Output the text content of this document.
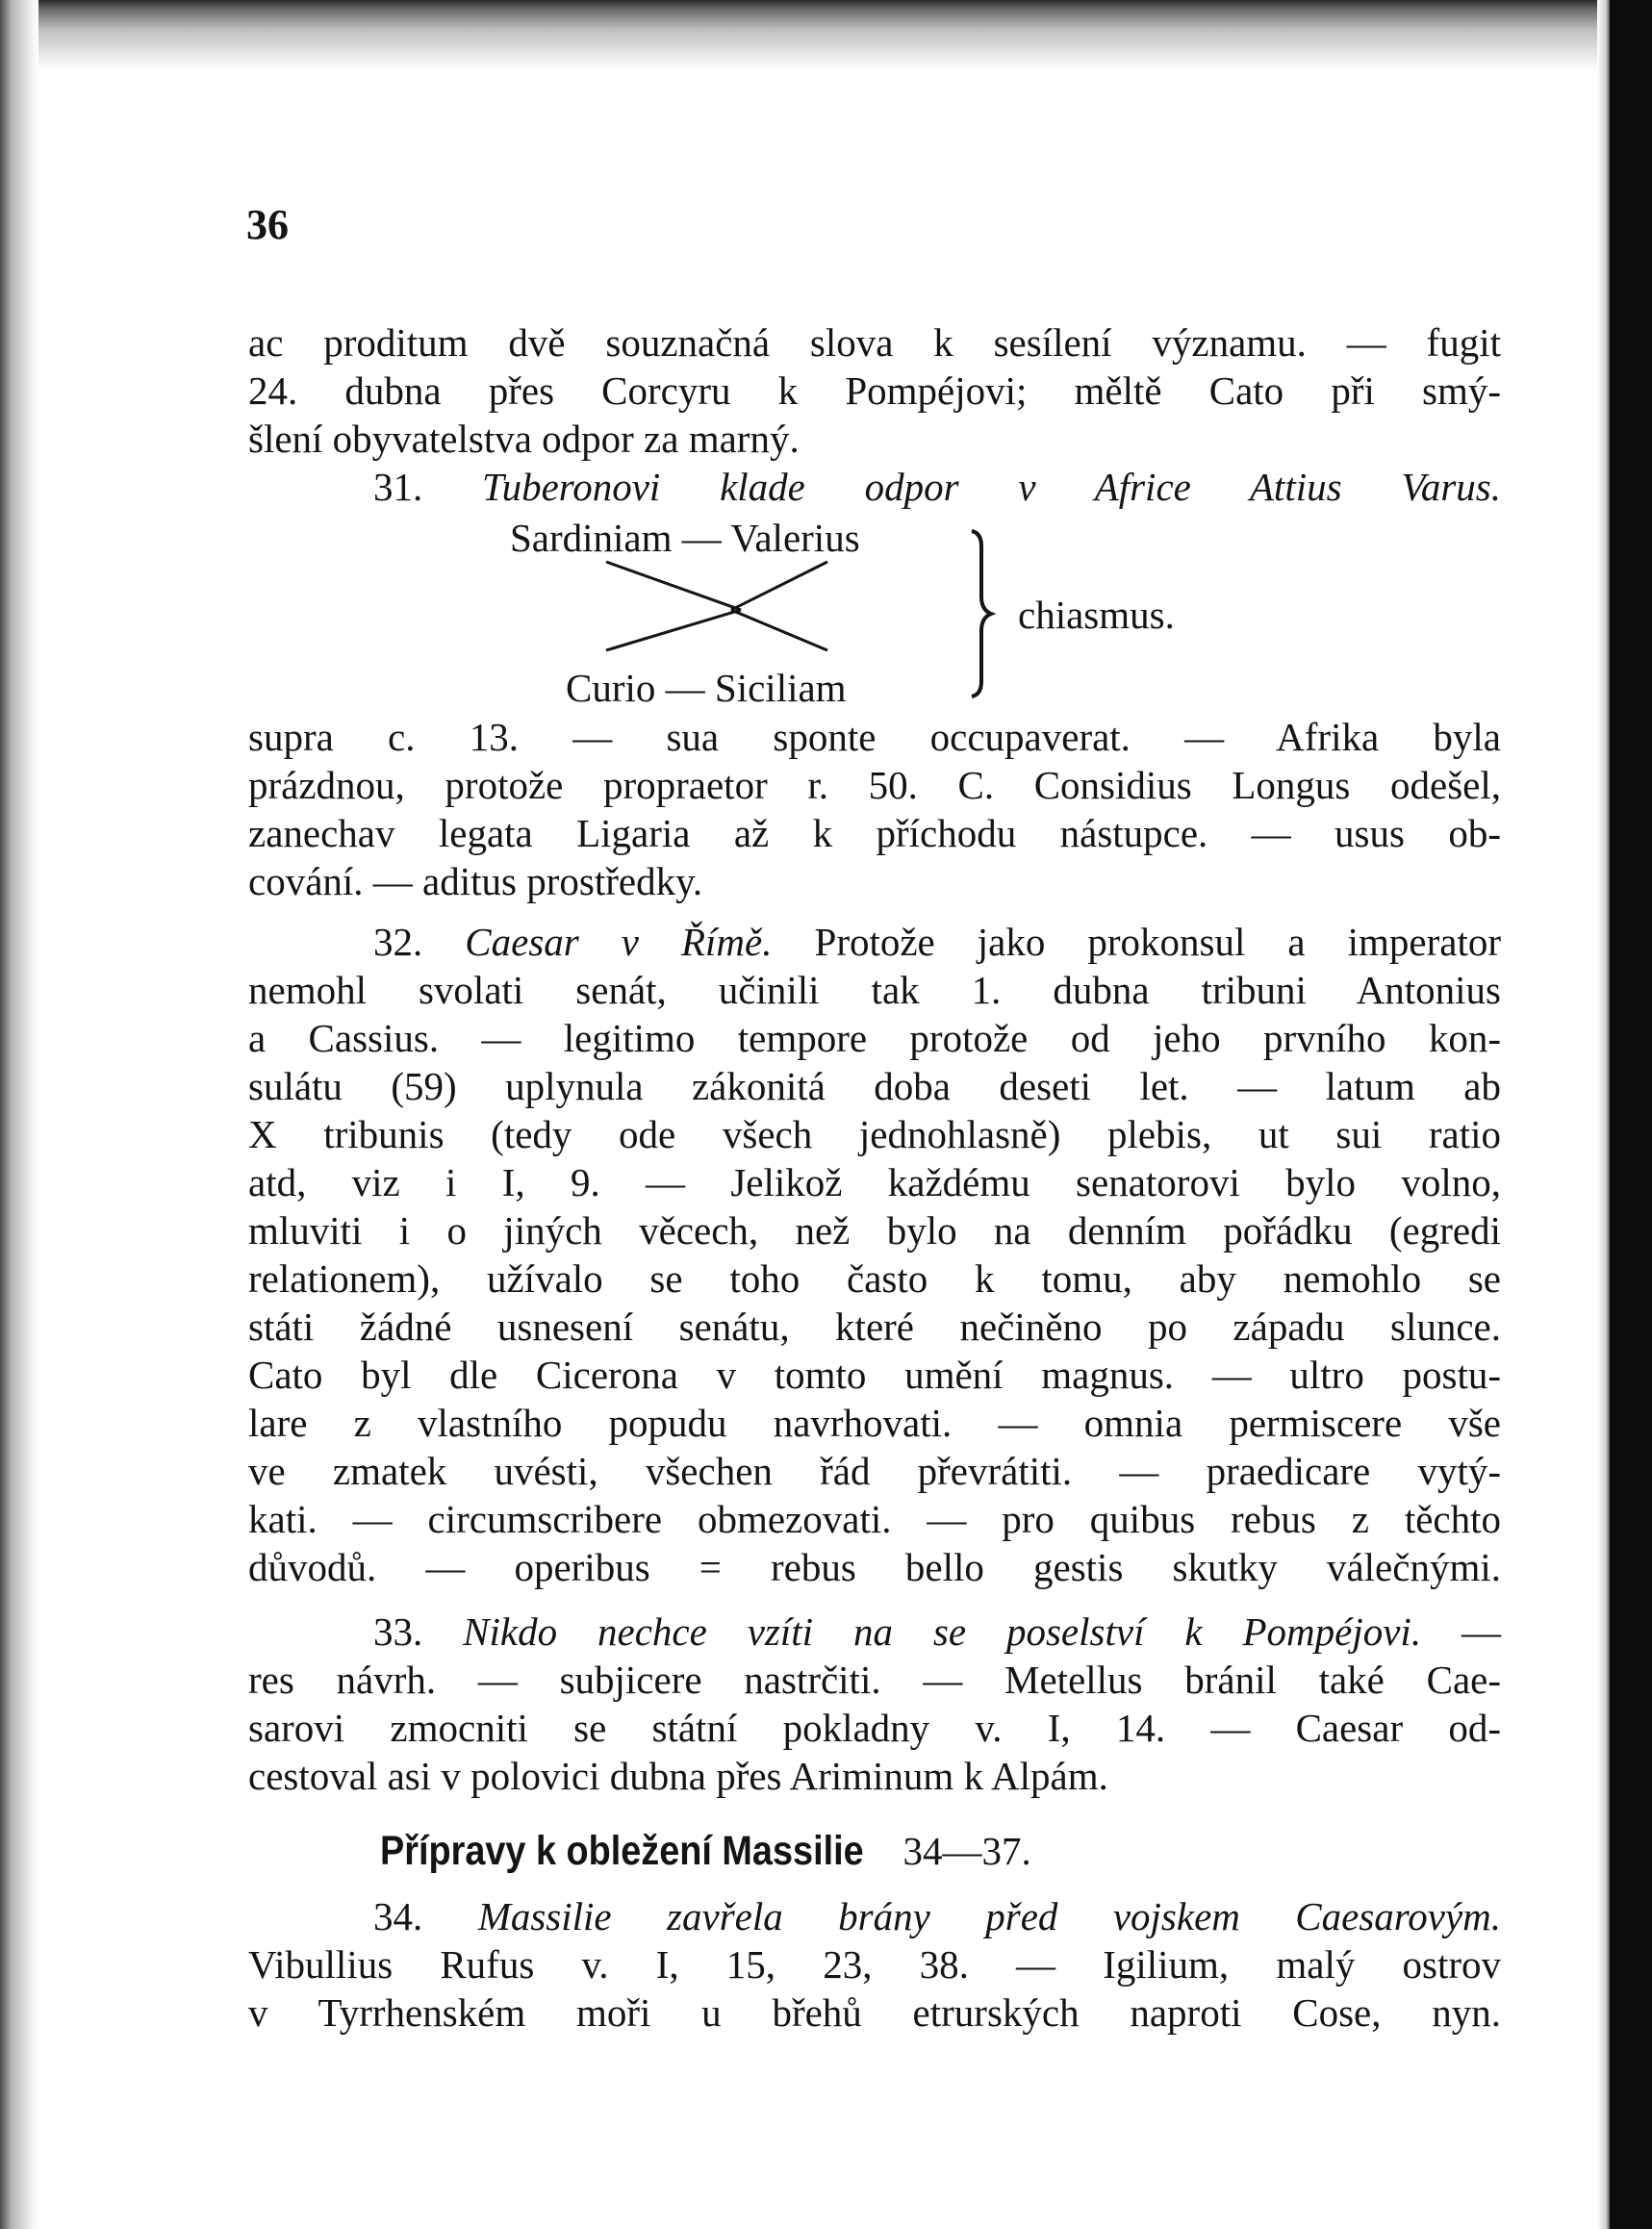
36
ac proditum dvě souznačná slova k sesílení významu. — fugit
24. dubna přes Corcyru k Pompéjovi; měltě Cato při smý-
šlení obyvatelstva odpor za marný.
31. Tuberonovi klade odpor v Africe Attius Varus.
Sardiniam — Valerius
chiasmus.
Curio — Siciliam
supra c. 13. — sua sponte occupaverat. — Afrika byla
prázdnou, protože propraetor r. 50. C. Considius Longus odešel,
zanechav legata Ligaria až k příchodu nástupce. — usus ob-
cování. — aditus prostředky.
32. Caesar v Římě. Protože jako prokonsul a imperator
nemohl svolati senát, učinili tak 1. dubna tribuni Antonius
a Cassius. — legitimo tempore protože od jeho prvního kon-
sulátu (59) uplynula zákonitá doba deseti let. — latum ab
X tribunis (tedy ode všech jednohlasně) plebis, ut sui ratio
atd, viz i I, 9. — Jelikož každému senatorovi bylo volno,
mluviti i o jiných věcech, než bylo na denním pořádku (egredi
relationem), užívalo se toho často k tomu, aby nemohlo se
státi žádné usnesení senátu, které nečiněno po západu slunce.
Cato byl dle Cicerona v tomto umění magnus. — ultro postu-
lare z vlastního popudu navrhovati. — omnia permiscere vše
ve zmatek uvésti, všechen řád převrátiti. — praedicare vytý-
kati. — circumscribere obmezovati. — pro quibus rebus z těchto
důvodů. — operibus = rebus bello gestis skutky válečnými.
33. Nikdo nechce vzíti na se poselství k Pompéjovi. —
res návrh. — subjicere nastrčiti. — Metellus bránil také Cae-
sarovi zmocniti se státní pokladny v. I, 14. — Caesar od-
cestoval asi v polovici dubna přes Ariminum k Alpám.
Přípravy k obležení Massilie 34—37.
34. Massilie zavřela brány před vojskem Caesarovým.
Vibullius Rufus v. I, 15, 23, 38. — Igilium, malý ostrov
v Tyrrhenském moři u břehů etrurských naproti Cose, nyn.
